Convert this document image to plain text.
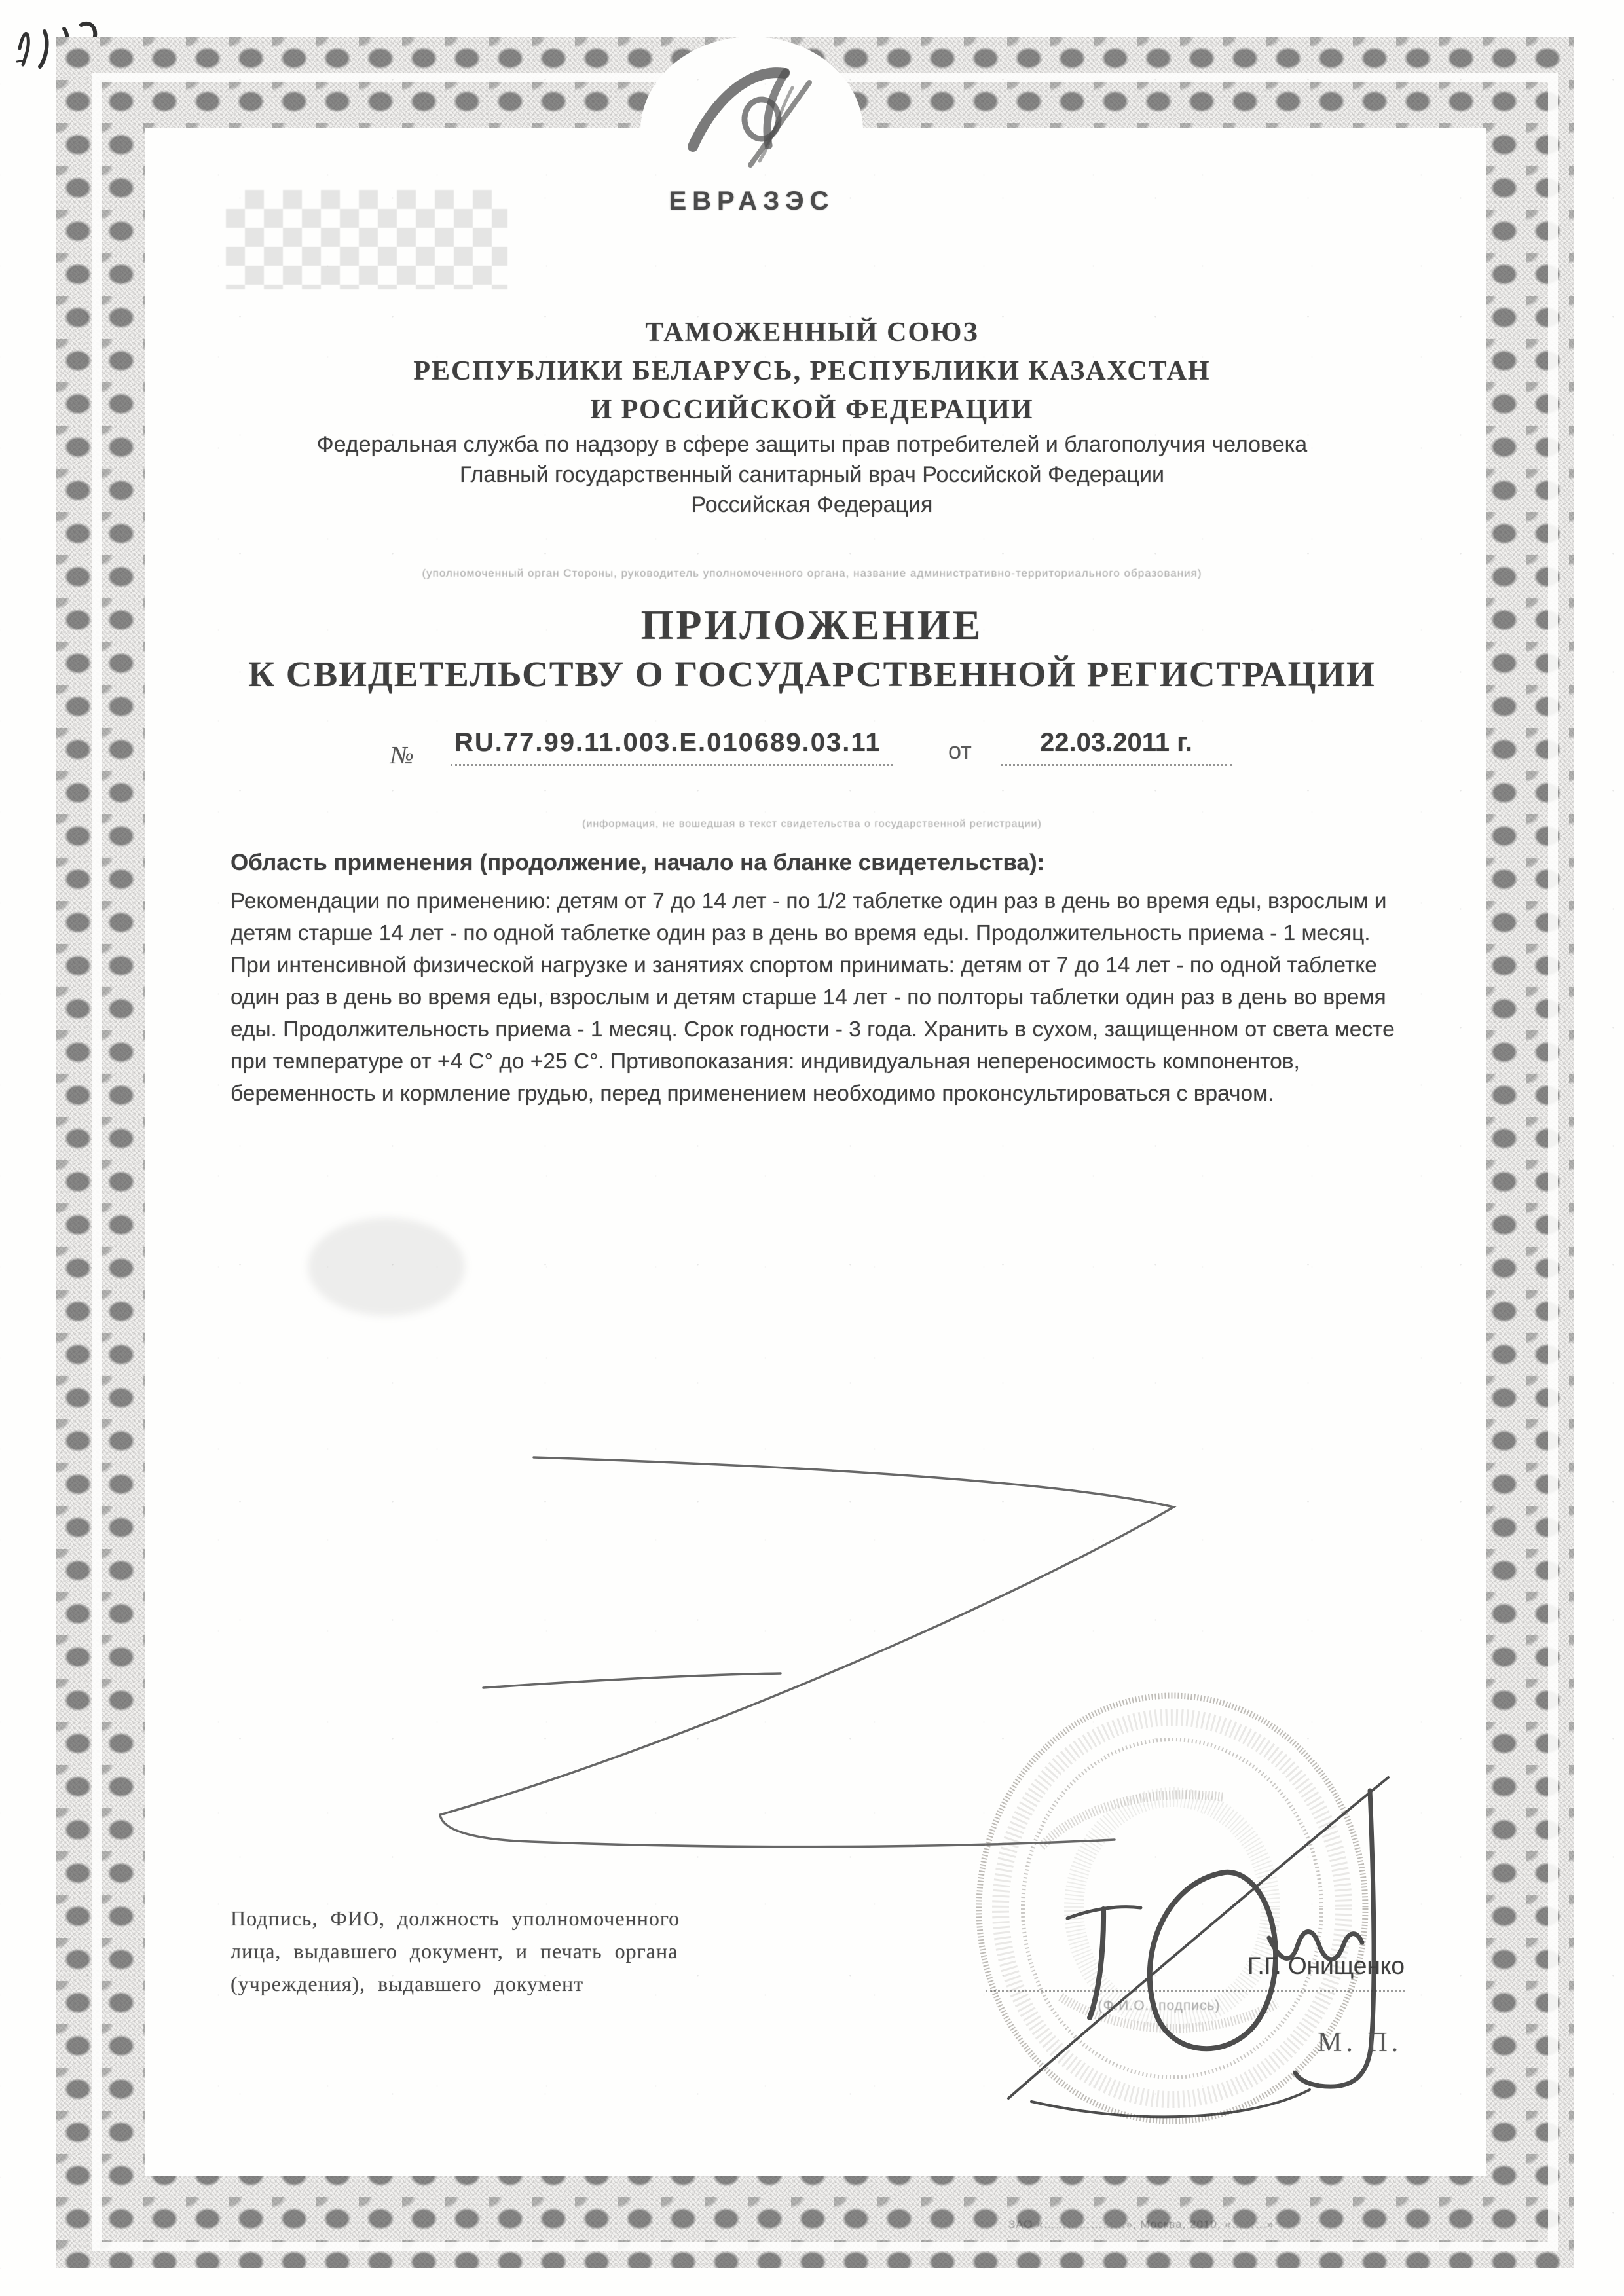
ЕВРАЗЭС
ТАМОЖЕННЫЙ СОЮЗ
РЕСПУБЛИКИ БЕЛАРУСЬ, РЕСПУБЛИКИ КАЗАХСТАН
И РОССИЙСКОЙ ФЕДЕРАЦИИ
Федеральная служба по надзору в сфере защиты прав потребителей и благополучия человека
Главный государственный санитарный врач Российской Федерации
Российская Федерация
(уполномоченный орган Стороны, руководитель уполномоченного органа, название административно-территориального образования)
ПРИЛОЖЕНИЕ
К СВИДЕТЕЛЬСТВУ О ГОСУДАРСТВЕННОЙ РЕГИСТРАЦИИ
№ RU.77.99.11.003.Е.010689.03.11	от	22.03.2011 г.
(информация, не вошедшая в текст свидетельства о государственной регистрации)
Область применения (продолжение, начало на бланке свидетельства):
Рекомендации по применению: детям от 7 до 14 лет - по 1/2 таблетке один раз в день во время еды, взрослым и детям старше 14 лет - по одной таблетке один раз в день во время еды. Продолжительность приема - 1 месяц. При интенсивной физической нагрузке и занятиях спортом принимать: детям от 7 до 14 лет - по одной таблетке один раз в день во время еды, взрослым и детям старше 14 лет - по полторы таблетки один раз в день во время еды. Продолжительность приема - 1 месяц. Срок годности - 3 года. Хранить в сухом, защищенном от света месте при температуре от +4 С° до +25 С°. Пртивопоказания: индивидуальная непереносимость компонентов, беременность и кормление грудью, перед применением необходимо проконсультироваться с врачом.
Подпись, ФИО, должность уполномоченного
лица, выдавшего документ, и печать органа
(учреждения), выдавшего документ
Г.Г. Онищенко
(Ф.И.О., подпись)
М. П.
ЗАО «…………………», Москва, 2010, «………»
